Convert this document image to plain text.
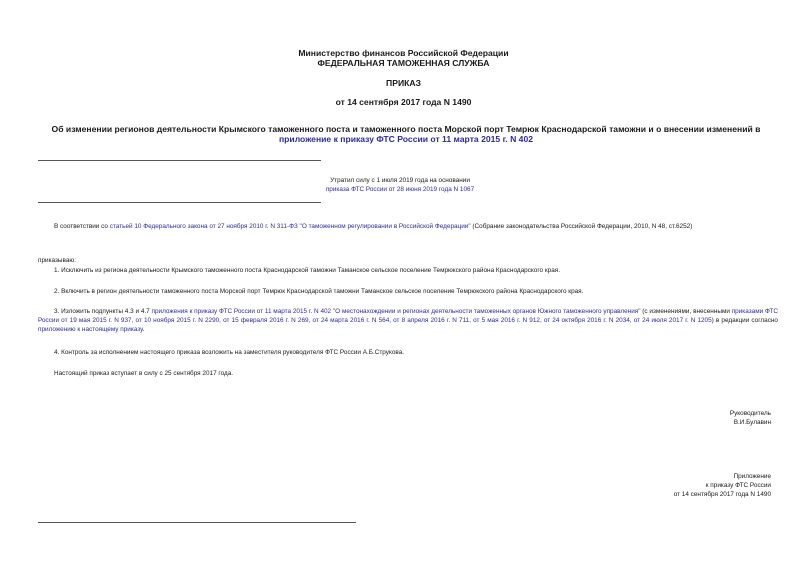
Министерство финансов Российской Федерации
ФЕДЕРАЛЬНАЯ ТАМОЖЕННАЯ СЛУЖБА
ПРИКАЗ
от 14 сентября 2017 года N 1490
Об изменении регионов деятельности Крымского таможенного поста и таможенного поста Морской порт Темрюк Краснодарской таможни и о внесении изменений в
приложение к приказу ФТС России от 11 марта 2015 г. N 402
Утратил силу с 1 июля 2019 года на основании
приказа ФТС России от 28 июня 2019 года N 1067
В соответствии со статьей 10 Федерального закона от 27 ноября 2010 г. N 311-ФЗ "О таможенном регулировании в Российской Федерации" (Собрание законодательства Российской Федерации, 2010, N 48, ст.6252)
приказываю:
1. Исключить из региона деятельности Крымского таможенного поста Краснодарской таможни Таманское сельское поселение Темрюкского района Краснодарского края.
2. Включить в регион деятельности таможенного поста Морской порт Темрюк Краснодарской таможни Таманское сельское поселение Темрюкского района Краснодарского края.
3. Изложить подпункты 4.3 и 4.7 приложения к приказу ФТС России от 11 марта 2015 г. N 402 "О местонахождении и регионах деятельности таможенных органов Южного таможенного управления" (с изменениями, внесенными приказами ФТС России от 19 мая 2015 г. N 937, от 10 ноября 2015 г. N 2290, от 15 февраля 2016 г. N 269, от 24 марта 2016 г. N 564, от 8 апреля 2016 г. N 711, от 5 мая 2016 г. N 912, от 24 октября 2016 г. N 2034, от 24 июля 2017 г. N 1205) в редакции согласно приложению к настоящему приказу.
4. Контроль за исполнением настоящего приказа возложить на заместителя руководителя ФТС России А.Б.Струкова.
Настоящий приказ вступает в силу с 25 сентября 2017 года.
Руководитель
В.И.Булавин
Приложение
к приказу ФТС России
от 14 сентября 2017 года N 1490
